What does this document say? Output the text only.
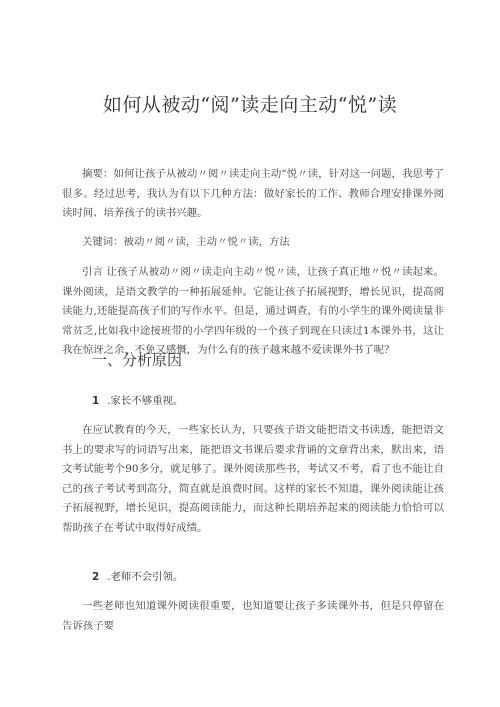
如何从被动“阅”读走向主动“悦”读

摘要：如何让孩子从被动〃阅〃读走向主动“悦〃读，针对这一问题，我思考了很多。经过思考，我认为有以下几种方法：做好家长的工作、教师合理安排课外阅读时间、培养孩子的读书兴趣。

关键词：被动〃阅〃读，主动〃悦〃读，方法

引言 让孩子从被动〃阅〃读走向主动〃悦〃读，让孩子真正地〃悦〃读起来。课外阅读，是语文教学的一种拓展延伸。它能让孩子拓展视野，增长见识，提高阅读能力,还能提高孩子们的写作水平。但是，通过调查，有的小学生的课外阅读量非常贫乏,比如我中途接班带的小学四年级的一个孩子到现在只读过1本课外书，这让我在惊讶之余，不免又感慨，为什么有的孩子越来越不爱读课外书了呢？

一、分析原因

1 .家长不够重视。

在应试教育的今天，一些家长认为，只要孩子语文能把语文书读透，能把语文书上的要求写的词语写出来，能把语文书课后要求背诵的文章背出来，默出来，语文考试能考个90多分，就足够了。课外阅读那些书，考试又不考，看了也不能让自己的孩子考试考到高分，简直就是浪费时间。这样的家长不知道，课外阅读能让孩子拓展视野，增长见识，提高阅读能力，而这种长期培养起来的阅读能力恰恰可以帮助孩子在考试中取得好成绩。

2 .老师不会引领。

一些老师也知道课外阅读很重要，也知道要让孩子多读课外书，但是只停留在告诉孩子要
